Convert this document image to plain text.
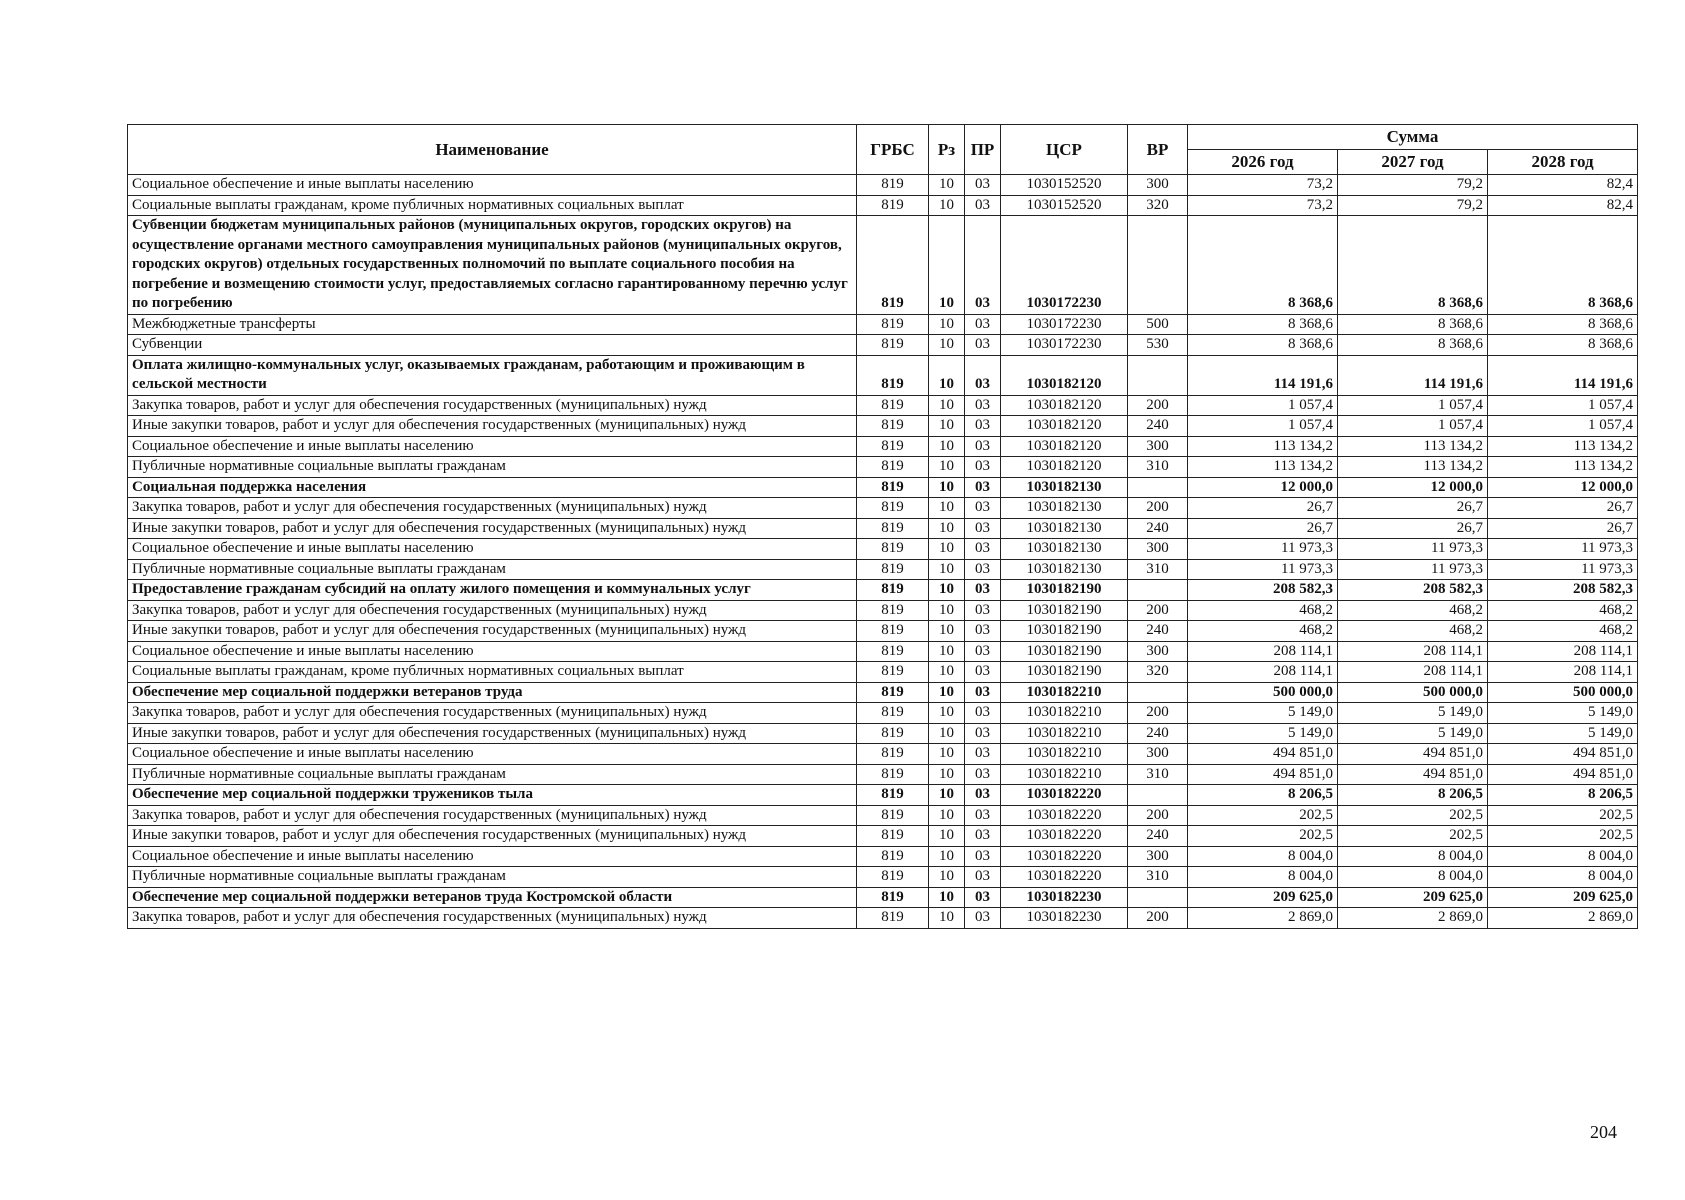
Наименование	ГРБС	Рз	ПР	ЦСР	ВР	Сумма		
						2026 год	2027 год	2028 год
Социальное обеспечение и иные выплаты населению	819	10	03	1030152520	300	73,2	79,2	82,4
Социальные выплаты гражданам, кроме публичных нормативных социальных выплат	819	10	03	1030152520	320	73,2	79,2	82,4
Субвенции бюджетам муниципальных районов (муниципальных округов, городских округов) на осуществление органами местного самоуправления муниципальных районов (муниципальных округов, городских округов) отдельных государственных полномочий по выплате социального пособия на погребение и возмещению стоимости услуг, предоставляемых согласно гарантированному перечню услуг по погребению	819	10	03	1030172230		8 368,6	8 368,6	8 368,6
Межбюджетные трансферты	819	10	03	1030172230	500	8 368,6	8 368,6	8 368,6
Субвенции	819	10	03	1030172230	530	8 368,6	8 368,6	8 368,6
Оплата жилищно-коммунальных услуг, оказываемых гражданам, работающим и проживающим в сельской местности	819	10	03	1030182120		114 191,6	114 191,6	114 191,6
Закупка товаров, работ и услуг для обеспечения государственных (муниципальных) нужд	819	10	03	1030182120	200	1 057,4	1 057,4	1 057,4
Иные закупки товаров, работ и услуг для обеспечения государственных (муниципальных) нужд	819	10	03	1030182120	240	1 057,4	1 057,4	1 057,4
Социальное обеспечение и иные выплаты населению	819	10	03	1030182120	300	113 134,2	113 134,2	113 134,2
Публичные нормативные социальные выплаты гражданам	819	10	03	1030182120	310	113 134,2	113 134,2	113 134,2
Социальная поддержка населения	819	10	03	1030182130		12 000,0	12 000,0	12 000,0
Закупка товаров, работ и услуг для обеспечения государственных (муниципальных) нужд	819	10	03	1030182130	200	26,7	26,7	26,7
Иные закупки товаров, работ и услуг для обеспечения государственных (муниципальных) нужд	819	10	03	1030182130	240	26,7	26,7	26,7
Социальное обеспечение и иные выплаты населению	819	10	03	1030182130	300	11 973,3	11 973,3	11 973,3
Публичные нормативные социальные выплаты гражданам	819	10	03	1030182130	310	11 973,3	11 973,3	11 973,3
Предоставление гражданам субсидий на оплату жилого помещения и коммунальных услуг	819	10	03	1030182190		208 582,3	208 582,3	208 582,3
Закупка товаров, работ и услуг для обеспечения государственных (муниципальных) нужд	819	10	03	1030182190	200	468,2	468,2	468,2
Иные закупки товаров, работ и услуг для обеспечения государственных (муниципальных) нужд	819	10	03	1030182190	240	468,2	468,2	468,2
Социальное обеспечение и иные выплаты населению	819	10	03	1030182190	300	208 114,1	208 114,1	208 114,1
Социальные выплаты гражданам, кроме публичных нормативных социальных выплат	819	10	03	1030182190	320	208 114,1	208 114,1	208 114,1
Обеспечение мер социальной поддержки ветеранов труда	819	10	03	1030182210		500 000,0	500 000,0	500 000,0
Закупка товаров, работ и услуг для обеспечения государственных (муниципальных) нужд	819	10	03	1030182210	200	5 149,0	5 149,0	5 149,0
Иные закупки товаров, работ и услуг для обеспечения государственных (муниципальных) нужд	819	10	03	1030182210	240	5 149,0	5 149,0	5 149,0
Социальное обеспечение и иные выплаты населению	819	10	03	1030182210	300	494 851,0	494 851,0	494 851,0
Публичные нормативные социальные выплаты гражданам	819	10	03	1030182210	310	494 851,0	494 851,0	494 851,0
Обеспечение мер социальной поддержки тружеников тыла	819	10	03	1030182220		8 206,5	8 206,5	8 206,5
Закупка товаров, работ и услуг для обеспечения государственных (муниципальных) нужд	819	10	03	1030182220	200	202,5	202,5	202,5
Иные закупки товаров, работ и услуг для обеспечения государственных (муниципальных) нужд	819	10	03	1030182220	240	202,5	202,5	202,5
Социальное обеспечение и иные выплаты населению	819	10	03	1030182220	300	8 004,0	8 004,0	8 004,0
Публичные нормативные социальные выплаты гражданам	819	10	03	1030182220	310	8 004,0	8 004,0	8 004,0
Обеспечение мер социальной поддержки ветеранов труда Костромской области	819	10	03	1030182230		209 625,0	209 625,0	209 625,0
Закупка товаров, работ и услуг для обеспечения государственных (муниципальных) нужд	819	10	03	1030182230	200	2 869,0	2 869,0	2 869,0
204
